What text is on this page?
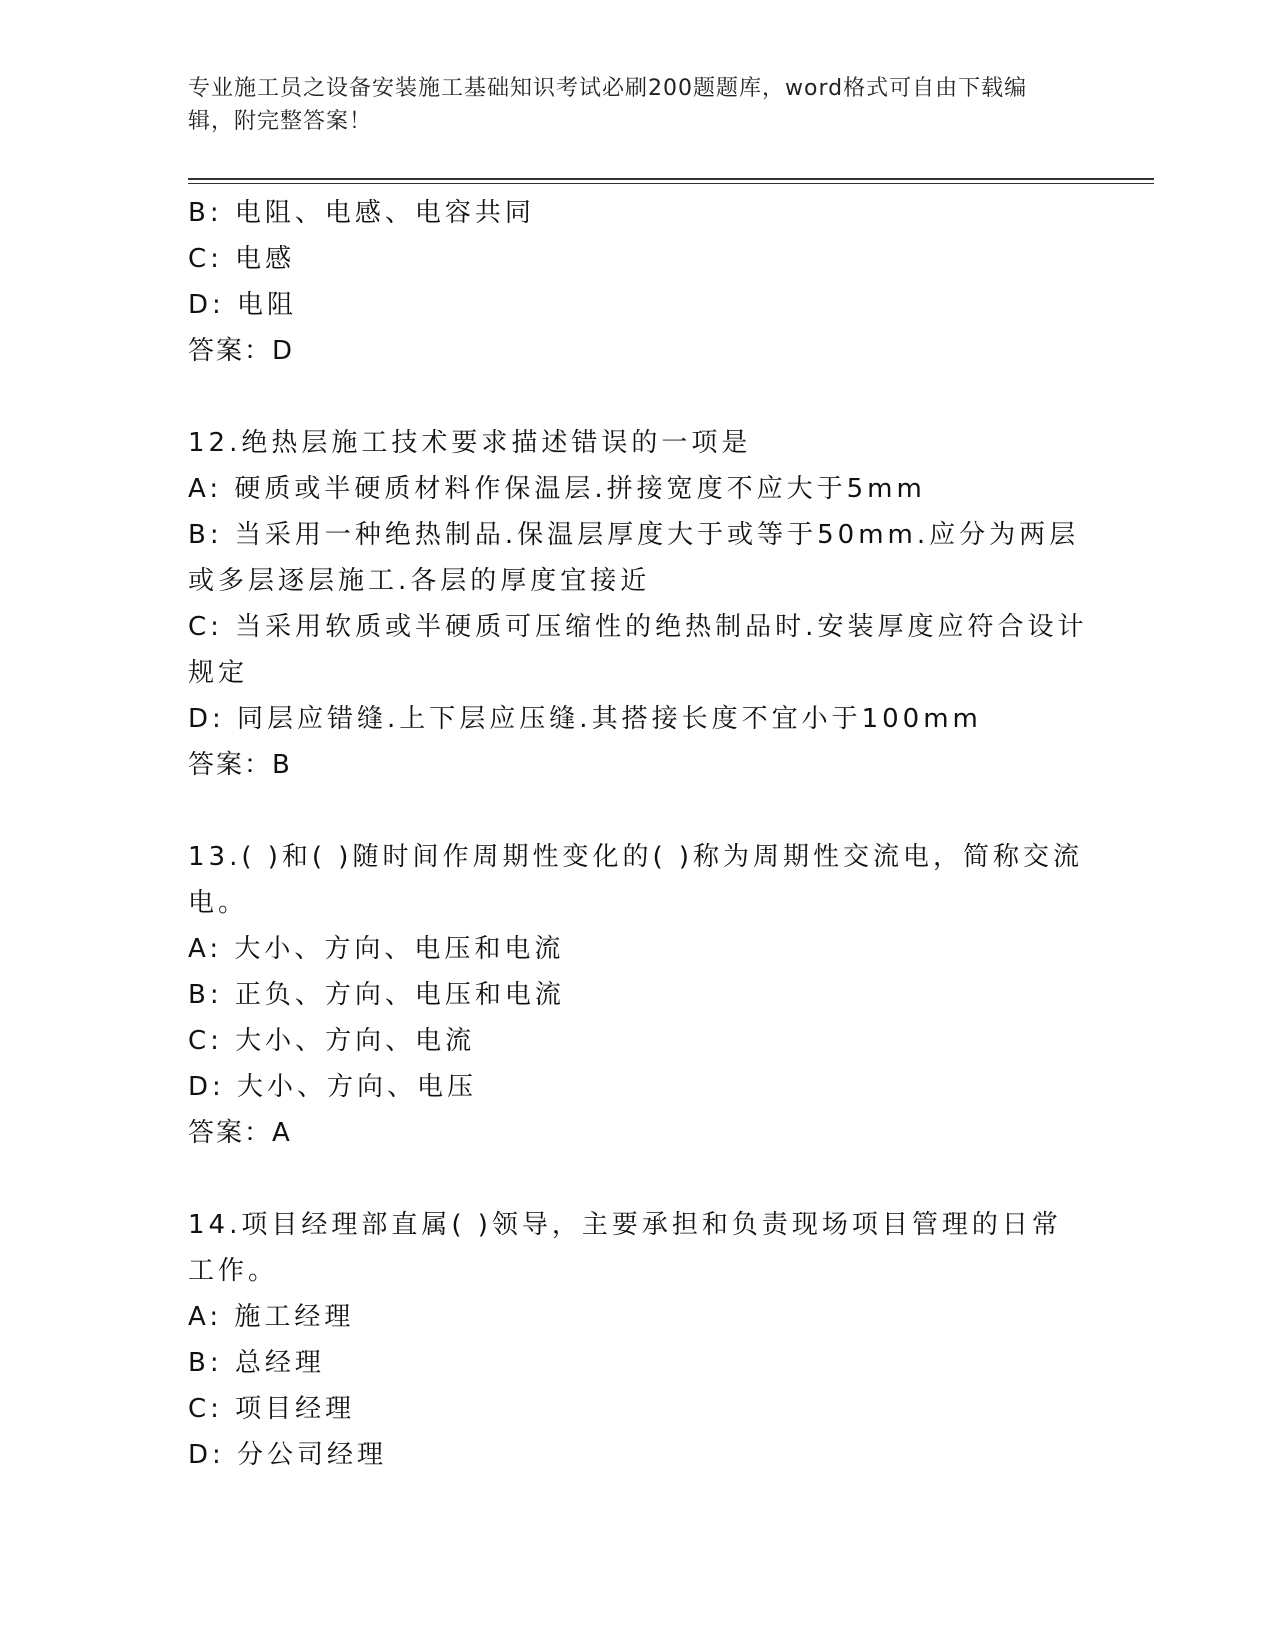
专业施工员之设备安装施工基础知识考试必刷200题题库，word格式可自由下载编辑，附完整答案！
B: 电阻、电感、电容共同
C: 电感
D: 电阻
答案：D
12.绝热层施工技术要求描述错误的一项是
A: 硬质或半硬质材料作保温层.拼接宽度不应大于5mm
B: 当采用一种绝热制品.保温层厚度大于或等于50mm.应分为两层或多层逐层施工.各层的厚度宜接近
C: 当采用软质或半硬质可压缩性的绝热制品时.安装厚度应符合设计规定
D: 同层应错缝.上下层应压缝.其搭接长度不宜小于100mm
答案：B
13.( )和( )随时间作周期性变化的( )称为周期性交流电，简称交流电。
A: 大小、方向、电压和电流
B: 正负、方向、电压和电流
C: 大小、方向、电流
D: 大小、方向、电压
答案：A
14.项目经理部直属( )领导，主要承担和负责现场项目管理的日常工作。
A: 施工经理
B: 总经理
C: 项目经理
D: 分公司经理
